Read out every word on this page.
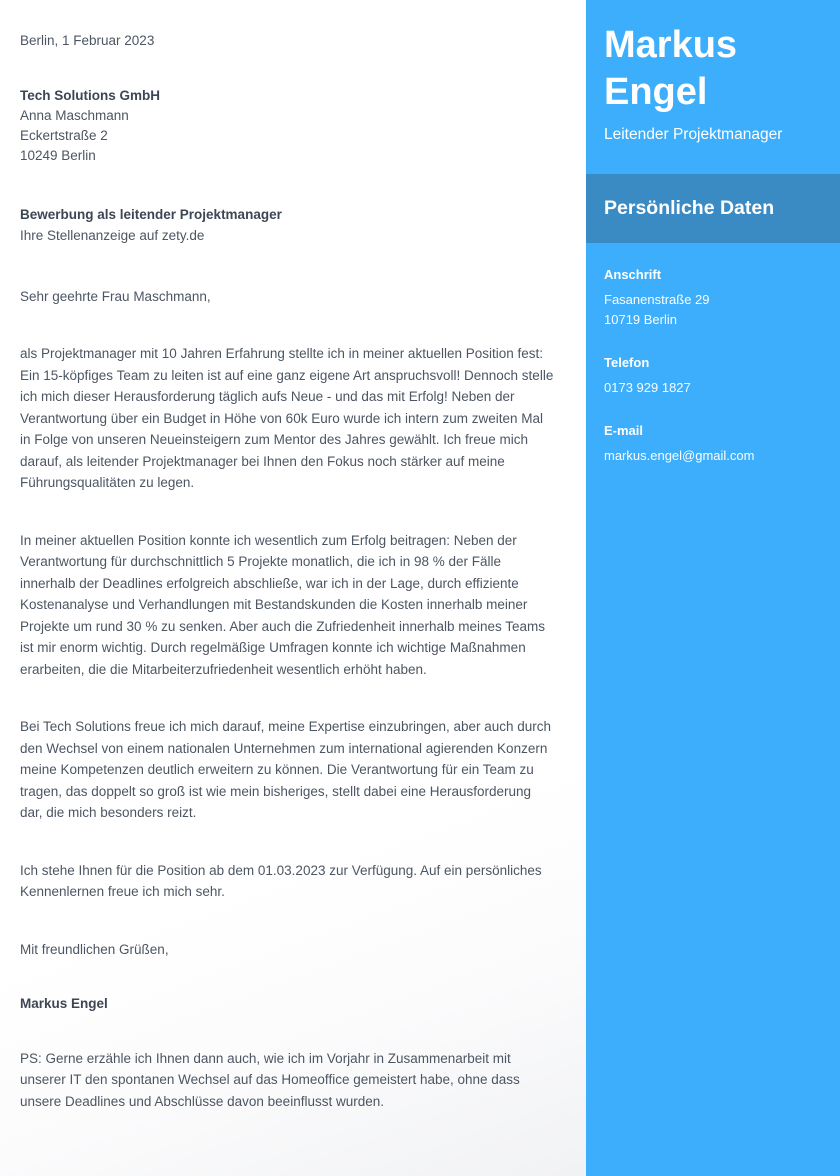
Berlin, 1 Februar 2023

Tech Solutions GmbH
Anna Maschmann
Eckertstraße 2
10249 Berlin
Bewerbung als leitender Projektmanager
Ihre Stellenanzeige auf zety.de

Sehr geehrte Frau Maschmann,

als Projektmanager mit 10 Jahren Erfahrung stellte ich in meiner aktuellen Position fest: Ein 15-köpfiges Team zu leiten ist auf eine ganz eigene Art anspruchsvoll! Dennoch stelle ich mich dieser Herausforderung täglich aufs Neue - und das mit Erfolg! Neben der Verantwortung über ein Budget in Höhe von 60k Euro wurde ich intern zum zweiten Mal in Folge von unseren Neueinsteigern zum Mentor des Jahres gewählt. Ich freue mich darauf, als leitender Projektmanager bei Ihnen den Fokus noch stärker auf meine Führungsqualitäten zu legen.

In meiner aktuellen Position konnte ich wesentlich zum Erfolg beitragen: Neben der Verantwortung für durchschnittlich 5 Projekte monatlich, die ich in 98 % der Fälle innerhalb der Deadlines erfolgreich abschließe, war ich in der Lage, durch effiziente Kostenanalyse und Verhandlungen mit Bestandskunden die Kosten innerhalb meiner Projekte um rund 30 % zu senken. Aber auch die Zufriedenheit innerhalb meines Teams ist mir enorm wichtig. Durch regelmäßige Umfragen konnte ich wichtige Maßnahmen erarbeiten, die die Mitarbeiterzufriedenheit wesentlich erhöht haben.

Bei Tech Solutions freue ich mich darauf, meine Expertise einzubringen, aber auch durch den Wechsel von einem nationalen Unternehmen zum international agierenden Konzern meine Kompetenzen deutlich erweitern zu können. Die Verantwortung für ein Team zu tragen, das doppelt so groß ist wie mein bisheriges, stellt dabei eine Herausforderung dar, die mich besonders reizt.

Ich stehe Ihnen für die Position ab dem 01.03.2023 zur Verfügung. Auf ein persönliches Kennenlernen freue ich mich sehr.

Mit freundlichen Grüßen,

Markus Engel

PS: Gerne erzähle ich Ihnen dann auch, wie ich im Vorjahr in Zusammenarbeit mit unserer IT den spontanen Wechsel auf das Homeoffice gemeistert habe, ohne dass unsere Deadlines und Abschlüsse davon beeinflusst wurden.

Markus
Engel
Leitender Projektmanager
Persönliche Daten
Anschrift
Fasanenstraße 29
10719 Berlin
Telefon
0173 929 1827
E-mail
markus.engel@gmail.com
